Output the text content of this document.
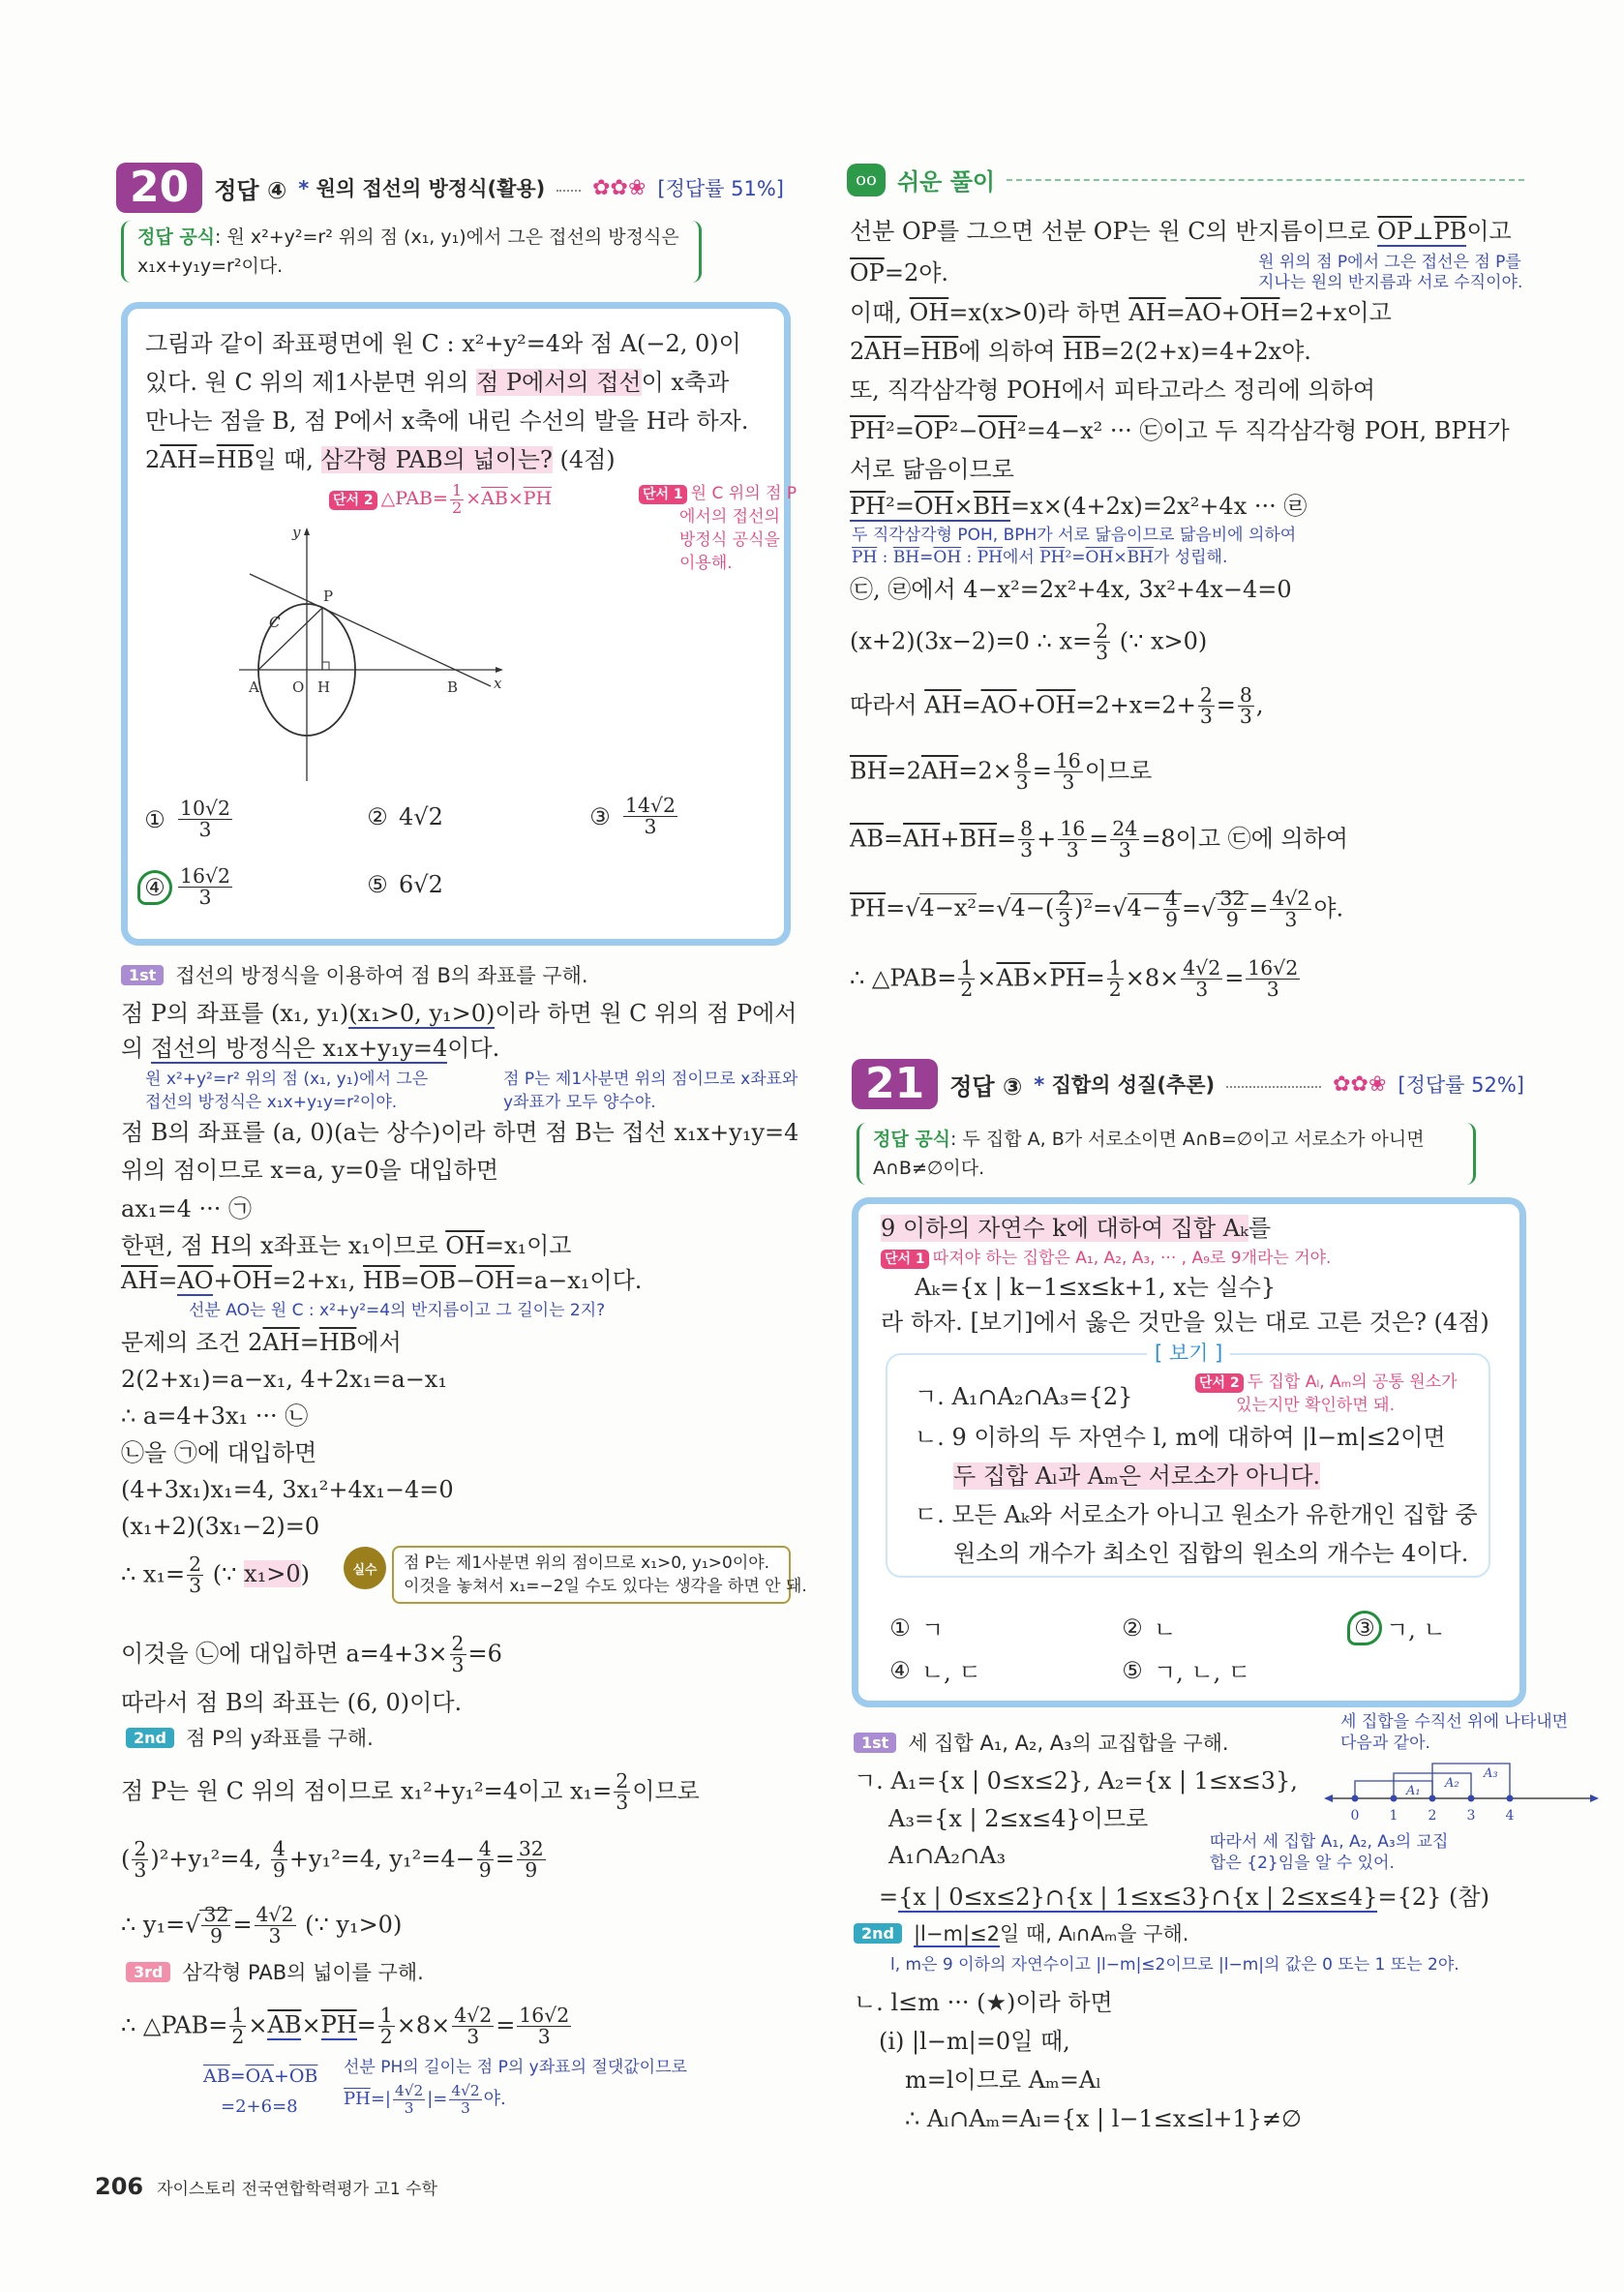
20	정답 ④	* 원의 접선의 방정식(활용) ✿✿❀ [정답률 51%]
정답 공식: 원 x²+y²=r² 위의 점 (x₁, y₁)에서 그은 접선의 방정식은
x₁x+y₁y=r²이다.
그림과 같이 좌표평면에 원 C : x²+y²=4와 점 A(−2, 0)이
있다. 원 C 위의 제1사분면 위의 점 P에서의 접선이 x축과
만나는 점을 B, 점 P에서 x축에 내린 수선의 발을 H라 하자.
$2\overline{AH}=\overline{HB}$일 때, 삼각형 PAB의 넓이는? (4점)
단서 1 원 C 위의 점 P
에서의 접선의
방정식 공식을
이용해.
단서 2 △PAB= $\frac{1}{2} \times\overline{AB}\times\overline{PH}$
y
P
C
A O H	B x
① $\frac{10√2}{3}$	② 4√2	③ $\frac{14√2}{3}$
④ $\frac{16√2}{3}$	⑤ 6√2
1st 접선의 방정식을 이용하여 점 B의 좌표를 구해.
점 P의 좌표를 (x₁, y₁)(x₁>0, y₁>0)이라 하면 원 C 위의 점 P에서
의 접선의 방정식은 x₁x+y₁y=4이다.
원 x²+y²=r² 위의 점 (x₁, y₁)에서 그은
접선의 방정식은 x₁x+y₁y=r²이야.
점 P는 제1사분면 위의 점이므로 x좌표와
y좌표가 모두 양수야.
점 B의 좌표를 (a, 0)(a는 상수)이라 하면 점 B는 접선 x₁x+y₁y=4
위의 점이므로 x=a, y=0을 대입하면
ax₁=4 ··· ㉠
한편, 점 H의 x좌표는 x₁이므로 $\overline{OH}=x_1$이고
$\overline{AH}=\overline{AO}+\overline{OH}=2+x_1$, $\overline{HB}=\overline{OB}-\overline{OH}=a-x_1$이다.
선분 AO는 원 C : x²+y²=4의 반지름이고 그 길이는 2지?
문제의 조건 $2\overline{AH}=\overline{HB}$에서
2(2+x₁)=a−x₁, 4+2x₁=a−x₁
∴ a=4+3x₁ ··· ㉡
㉡을 ㉠에 대입하면
(4+3x₁)x₁=4, 3x₁²+4x₁−4=0
(x₁+2)(3x₁−2)=0
∴ $x_1= \frac{2}{3}$ (∵ x₁>0)	실수	점 P는 제1사분면 위의 점이므로 x₁>0, y₁>0이야.
이것을 놓쳐서 x₁=−2일 수도 있다는 생각을 하면 안 돼.
이것을 ㉡에 대입하면 $a=4+3\times \frac{2}{3} =6$
따라서 점 B의 좌표는 (6, 0)이다.
2nd 점 P의 y좌표를 구해.
점 P는 원 C 위의 점이므로 x₁²+y₁²=4이고 $x_1= \frac{2}{3}$ 이므로
( $\frac{2}{3} )^2+y_1^2=4$, $\frac{4}{9} +y_1^2=4$, $y_1^2=4- \frac{4}{9} = \frac{32}{9}$
∴ $y_1=√ \frac{32}{9} = \frac{4√2}{3}$ (∵ y₁>0)
3rd 삼각형 PAB의 넓이를 구해.
∴ △PAB= $\frac{1}{2} \times\overline{AB}\times\overline{PH}= \frac{1}{2} \times 8\times \frac{4√2}{3} = \frac{16√2}{3}$
$\overline{AB}=\overline{OA}+\overline{OB}$
=2+6=8
선분 PH의 길이는 점 P의 y좌표의 절댓값이므로
$\overline{PH}=| \frac{4√2}{3}$ |= $\frac{4√2}{3}$ 야.
oo 쉬운 풀이
선분 OP를 그으면 선분 OP는 원 C의 반지름이므로 $\overline{OP}\perp\overline{PB}$이고
$\overline{OP}=2$야.	원 위의 점 P에서 그은 접선은 점 P를
지나는 원의 반지름과 서로 수직이야.
이때, $\overline{OH}=x(x>0)$라 하면 $\overline{AH}=\overline{AO}+\overline{OH}=2+x$이고
$2\overline{AH}=\overline{HB}$에 의하여 $\overline{HB}=2(2+x)=4+2x$야.
또, 직각삼각형 POH에서 피타고라스 정리에 의하여
$\overline{PH}^2=\overline{OP}^2-\overline{OH}^2=4-x^2$ ··· ㉢이고 두 직각삼각형 POH, BPH가
서로 닮음이므로
$\overline{PH}^2=\overline{OH}\times\overline{BH}=x\times(4+2x)=2x^2+4x$ ··· ㉣
두 직각삼각형 POH, BPH가 서로 닮음이므로 닮음비에 의하여
$\overline{PH}$ : $\overline{BH}=\overline{OH}$ : $\overline{PH}$에서 $\overline{PH}^2=\overline{OH}\times\overline{BH}$가 성립해.
㉢, ㉣에서 4−x²=2x²+4x, 3x²+4x−4=0
(x+2)(3x−2)=0 ∴ $x= \frac{2}{3}$ (∵ x>0)
따라서 $\overline{AH}=\overline{AO}+\overline{OH}=2+x=2+ \frac{2}{3} = \frac{8}{3}$ ,
$\overline{BH}=2\overline{AH}=2\times \frac{8}{3} = \frac{16}{3}$ 이므로
$\overline{AB}=\overline{AH}+\overline{BH}= \frac{8}{3} + \frac{16}{3} = \frac{24}{3} =8$이고 ㉢에 의하여
$\overline{PH}=√4-x^2=√4-( \frac{2}{3} )^2=√4- \frac{4}{9}$ =√ $\frac{32}{9} = \frac{4√2}{3}$ 야.
∴ △PAB= $\frac{1}{2} \times\overline{AB}\times\overline{PH}= \frac{1}{2} \times 8\times \frac{4√2}{3} = \frac{16√2}{3}$
21	정답 ③	* 집합의 성질(추론)	✿✿❀ [정답률 52%]
정답 공식: 두 집합 A, B가 서로소이면 A∩B=∅이고 서로소가 아니면
A∩B≠∅이다.
9 이하의 자연수 k에 대하여 집합 Aₖ를
단서 1 따져야 하는 집합은 A₁, A₂, A₃, ··· , A₉로 9개라는 거야.
Aₖ={x | k−1≤x≤k+1, x는 실수}
라 하자. [보기]에서 옳은 것만을 있는 대로 고른 것은? (4점)
[ 보기 ]
ㄱ. A₁∩A₂∩A₃={2}	단서 2 두 집합 Aₗ, Aₘ의 공통 원소가
있는지만 확인하면 돼.
ㄴ. 9 이하의 두 자연수 l, m에 대하여 |l−m|≤2이면
두 집합 Aₗ과 Aₘ은 서로소가 아니다.
ㄷ. 모든 Aₖ와 서로소가 아니고 원소가 유한개인 집합 중
원소의 개수가 최소인 집합의 원소의 개수는 4이다.
① ㄱ	② ㄴ	③ ㄱ, ㄴ
④ ㄴ, ㄷ	⑤ ㄱ, ㄴ, ㄷ
1st 세 집합 A₁, A₂, A₃의 교집합을 구해.
세 집합을 수직선 위에 나타내면
다음과 같아.
ㄱ. A₁={x | 0≤x≤2}, A₂={x | 1≤x≤3},
A₃={x | 2≤x≤4}이므로
A₁∩A₂∩A₃
={x | 0≤x≤2}∩{x | 1≤x≤3}∩{x | 2≤x≤4}={2} (참)
A₁
A₂
A₃
0 1 2 3 4
따라서 세 집합 A₁, A₂, A₃의 교집
합은 {2}임을 알 수 있어.
2nd |l−m|≤2일 때, Aₗ∩Aₘ을 구해.
l, m은 9 이하의 자연수이고 |l−m|≤2이므로 |l−m|의 값은 0 또는 1 또는 2야.
ㄴ. l≤m ··· (★)이라 하면
(i) |l−m|=0일 때,
m=l이므로 Aₘ=Aₗ
∴ Aₗ∩Aₘ=Aₗ={x | l−1≤x≤l+1}≠∅
206 자이스토리 전국연합학력평가 고1 수학
